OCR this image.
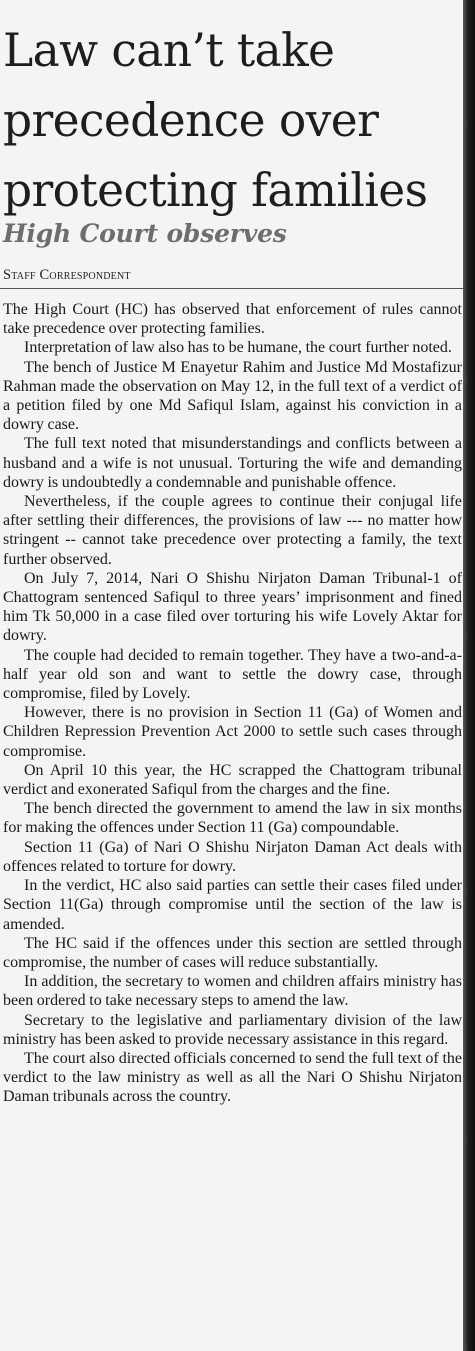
Law can’t take precedence over protecting families
High Court observes
Staff Correspondent

The High Court (HC) has observed that enforcement of rules cannot take precedence over protecting families.

Interpretation of law also has to be humane, the court further noted.

The bench of Justice M Enayetur Rahim and Justice Md Mostafizur Rahman made the observation on May 12, in the full text of a verdict of a petition filed by one Md Safiqul Islam, against his conviction in a dowry case.

The full text noted that misunderstandings and conflicts between a husband and a wife is not unusual. Torturing the wife and demanding dowry is undoubtedly a condemnable and punishable offence.

Nevertheless, if the couple agrees to continue their conjugal life after settling their differences, the provisions of law --- no matter how stringent -- cannot take precedence over protecting a family, the text further observed.

On July 7, 2014, Nari O Shishu Nirjaton Daman Tribunal-1 of Chattogram sentenced Safiqul to three years’ imprisonment and fined him Tk 50,000 in a case filed over torturing his wife Lovely Aktar for dowry.

The couple had decided to remain together. They have a two-and-a-half year old son and want to settle the dowry case, through compromise, filed by Lovely.

However, there is no provision in Section 11 (Ga) of Women and Children Repression Prevention Act 2000 to settle such cases through compromise.

On April 10 this year, the HC scrapped the Chattogram tribunal verdict and exonerated Safiqul from the charges and the fine.

The bench directed the government to amend the law in six months for making the offences under Section 11 (Ga) compoundable.

Section 11 (Ga) of Nari O Shishu Nirjaton Daman Act deals with offences related to torture for dowry.

In the verdict, HC also said parties can settle their cases filed under Section 11(Ga) through compromise until the section of the law is amended.

The HC said if the offences under this section are settled through compromise, the number of cases will reduce substantially.

In addition, the secretary to women and children affairs ministry has been ordered to take necessary steps to amend the law.

Secretary to the legislative and parliamentary division of the law ministry has been asked to provide necessary assistance in this regard.

The court also directed officials concerned to send the full text of the verdict to the law ministry as well as all the Nari O Shishu Nirjaton Daman tribunals across the country.
